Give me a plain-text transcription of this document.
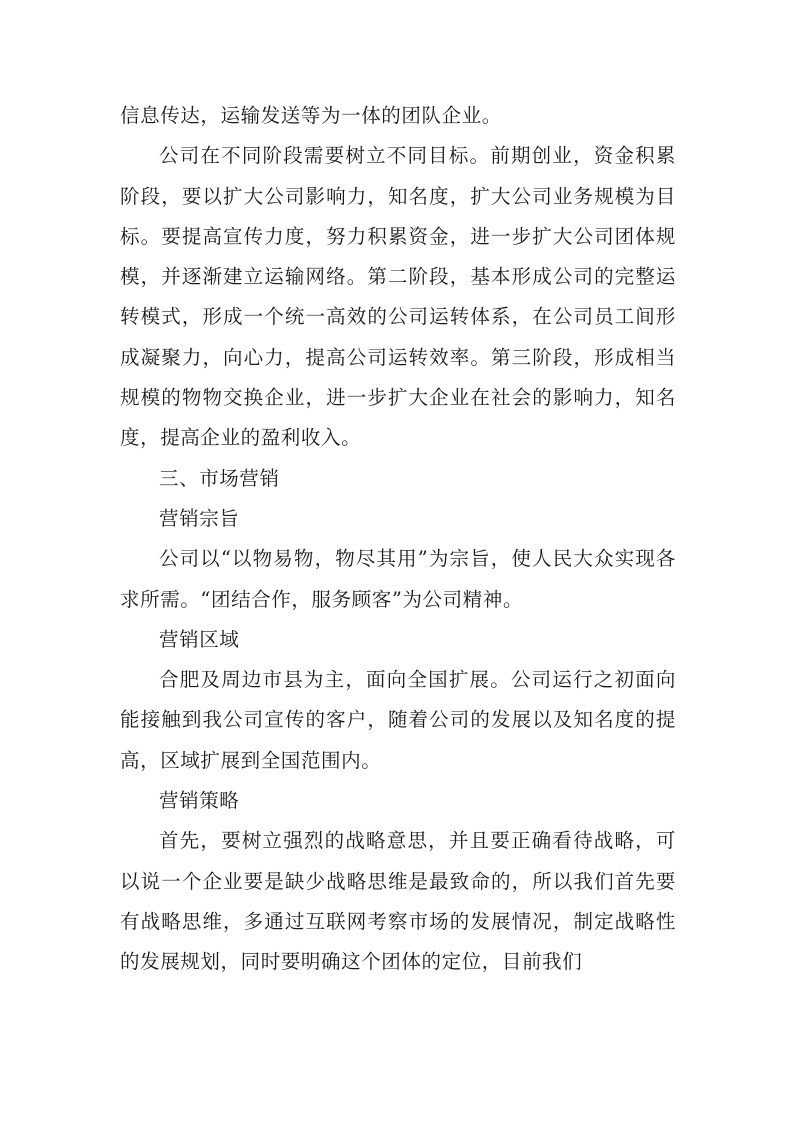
信息传达，运输发送等为一体的团队企业。

公司在不同阶段需要树立不同目标。前期创业，资金积累阶段，要以扩大公司影响力，知名度，扩大公司业务规模为目标。要提高宣传力度，努力积累资金，进一步扩大公司团体规模，并逐渐建立运输网络。第二阶段，基本形成公司的完整运转模式，形成一个统一高效的公司运转体系，在公司员工间形成凝聚力，向心力，提高公司运转效率。第三阶段，形成相当规模的物物交换企业，进一步扩大企业在社会的影响力，知名度，提高企业的盈利收入。

三、市场营销

营销宗旨

公司以“以物易物，物尽其用”为宗旨，使人民大众实现各求所需。“团结合作，服务顾客”为公司精神。

营销区域

合肥及周边市县为主，面向全国扩展。公司运行之初面向能接触到我公司宣传的客户，随着公司的发展以及知名度的提高，区域扩展到全国范围内。

营销策略

首先，要树立强烈的战略意思，并且要正确看待战略，可以说一个企业要是缺少战略思维是最致命的，所以我们首先要有战略思维，多通过互联网考察市场的发展情况，制定战略性的发展规划，同时要明确这个团体的定位，目前我们
